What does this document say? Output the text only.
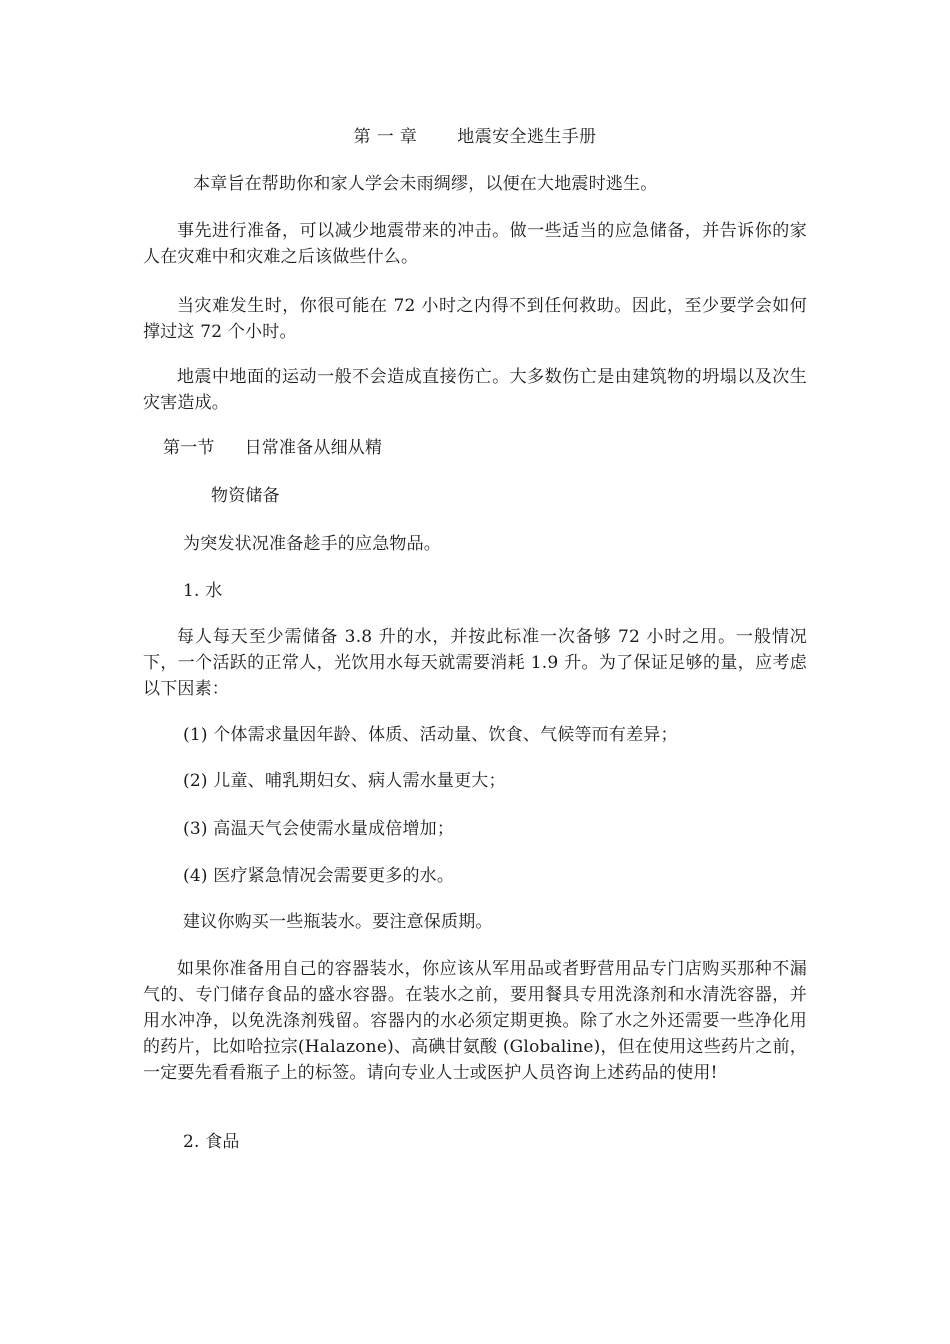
第 一 章 地震安全逃生手册
本章旨在帮助你和家人学会未雨绸缪，以便在大地震时逃生。
事先进行准备，可以减少地震带来的冲击。做一些适当的应急储备，并告诉你的家人在灾难中和灾难之后该做些什么。
当灾难发生时，你很可能在 72 小时之内得不到任何救助。因此，至少要学会如何撑过这 72 个小时。
地震中地面的运动一般不会造成直接伤亡。大多数伤亡是由建筑物的坍塌以及次生灾害造成。
第一节 日常准备从细从精
物资储备
为突发状况准备趁手的应急物品。
1. 水
每人每天至少需储备 3.8 升的水，并按此标准一次备够 72 小时之用。一般情况下，一个活跃的正常人，光饮用水每天就需要消耗 1.9 升。为了保证足够的量，应考虑以下因素：
(1) 个体需求量因年龄、体质、活动量、饮食、气候等而有差异；
(2) 儿童、哺乳期妇女、病人需水量更大；
(3) 高温天气会使需水量成倍增加；
(4) 医疗紧急情况会需要更多的水。
建议你购买一些瓶装水。要注意保质期。
如果你准备用自己的容器装水，你应该从军用品或者野营用品专门店购买那种不漏气的、专门储存食品的盛水容器。在装水之前，要用餐具专用洗涤剂和水清洗容器，并用水冲净，以免洗涤剂残留。容器内的水必须定期更换。除了水之外还需要一些净化用的药片，比如哈拉宗(Halazone)、高碘甘氨酸 (Globaline)，但在使用这些药片之前，一定要先看看瓶子上的标签。请向专业人士或医护人员咨询上述药品的使用!
2. 食品
